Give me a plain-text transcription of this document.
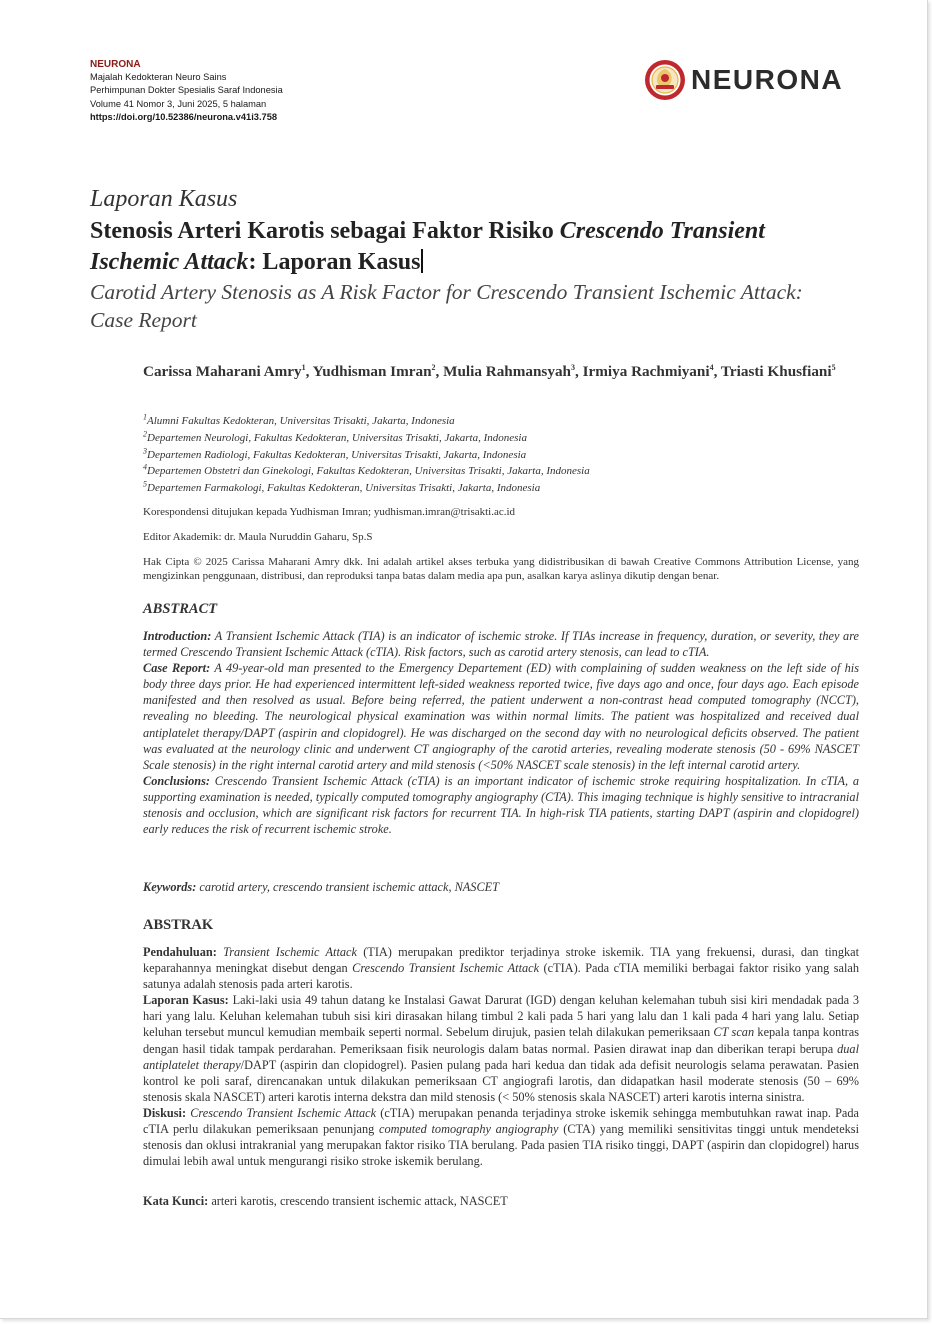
NEURONA
Majalah Kedokteran Neuro Sains
Perhimpunan Dokter Spesialis Saraf Indonesia
Volume 41 Nomor 3, Juni 2025, 5 halaman
https://doi.org/10.52386/neurona.v41i3.758
NEURONA
Laporan Kasus
Stenosis Arteri Karotis sebagai Faktor Risiko Crescendo Transient Ischemic Attack: Laporan Kasus
Carotid Artery Stenosis as A Risk Factor for Crescendo Transient Ischemic Attack: Case Report
Carissa Maharani Amry$^1$, Yudhisman Imran$^2$, Mulia Rahmansyah$^3$, Irmiya Rachmiyani$^4$, Triasti Khusfiani$^5$
$^1$Alumni Fakultas Kedokteran, Universitas Trisakti, Jakarta, Indonesia
$^2$Departemen Neurologi, Fakultas Kedokteran, Universitas Trisakti, Jakarta, Indonesia
$^3$Departemen Radiologi, Fakultas Kedokteran, Universitas Trisakti, Jakarta, Indonesia
$^4$Departemen Obstetri dan Ginekologi, Fakultas Kedokteran, Universitas Trisakti, Jakarta, Indonesia
$^5$Departemen Farmakologi, Fakultas Kedokteran, Universitas Trisakti, Jakarta, Indonesia
Korespondensi ditujukan kepada Yudhisman Imran; yudhisman.imran@trisakti.ac.id
Editor Akademik: dr. Maula Nuruddin Gaharu, Sp.S
Hak Cipta © 2025 Carissa Maharani Amry dkk. Ini adalah artikel akses terbuka yang didistribusikan di bawah Creative Commons Attribution License, yang mengizinkan penggunaan, distribusi, dan reproduksi tanpa batas dalam media apa pun, asalkan karya aslinya dikutip dengan benar.
ABSTRACT

Introduction: A Transient Ischemic Attack (TIA) is an indicator of ischemic stroke. If TIAs increase in frequency, duration, or severity, they are termed Crescendo Transient Ischemic Attack (cTIA). Risk factors, such as carotid artery stenosis, can lead to cTIA.

Case Report: A 49-year-old man presented to the Emergency Departement (ED) with complaining of sudden weakness on the left side of his body three days prior. He had experienced intermittent left-sided weakness reported twice, five days ago and once, four days ago. Each episode manifested and then resolved as usual. Before being referred, the patient underwent a non-contrast head computed tomography (NCCT), revealing no bleeding. The neurological physical examination was within normal limits. The patient was hospitalized and received dual antiplatelet therapy/DAPT (aspirin and clopidogrel). He was discharged on the second day with no neurological deficits observed. The patient was evaluated at the neurology clinic and underwent CT angiography of the carotid arteries, revealing moderate stenosis (50 - 69% NASCET Scale stenosis) in the right internal carotid artery and mild stenosis (<50% NASCET scale stenosis) in the left internal carotid artery.

Conclusions: Crescendo Transient Ischemic Attack (cTIA) is an important indicator of ischemic stroke requiring hospitalization. In cTIA, a supporting examination is needed, typically computed tomography angiography (CTA). This imaging technique is highly sensitive to intracranial stenosis and occlusion, which are significant risk factors for recurrent TIA. In high-risk TIA patients, starting DAPT (aspirin and clopidogrel) early reduces the risk of recurrent ischemic stroke.

Keywords: carotid artery, crescendo transient ischemic attack, NASCET
ABSTRAK

Pendahuluan: Transient Ischemic Attack (TIA) merupakan prediktor terjadinya stroke iskemik. TIA yang frekuensi, durasi, dan tingkat keparahannya meningkat disebut dengan Crescendo Transient Ischemic Attack (cTIA). Pada cTIA memiliki berbagai faktor risiko yang salah satunya adalah stenosis pada arteri karotis.

Laporan Kasus: Laki-laki usia 49 tahun datang ke Instalasi Gawat Darurat (IGD) dengan keluhan kelemahan tubuh sisi kiri mendadak pada 3 hari yang lalu. Keluhan kelemahan tubuh sisi kiri dirasakan hilang timbul 2 kali pada 5 hari yang lalu dan 1 kali pada 4 hari yang lalu. Setiap keluhan tersebut muncul kemudian membaik seperti normal. Sebelum dirujuk, pasien telah dilakukan pemeriksaan CT scan kepala tanpa kontras dengan hasil tidak tampak perdarahan. Pemeriksaan fisik neurologis dalam batas normal. Pasien dirawat inap dan diberikan terapi berupa dual antiplatelet therapy/DAPT (aspirin dan clopidogrel). Pasien pulang pada hari kedua dan tidak ada defisit neurologis selama perawatan. Pasien kontrol ke poli saraf, direncanakan untuk dilakukan pemeriksaan CT angiografi larotis, dan didapatkan hasil moderate stenosis (50 – 69% stenosis skala NASCET) arteri karotis interna dekstra dan mild stenosis (< 50% stenosis skala NASCET) arteri karotis interna sinistra.

Diskusi: Crescendo Transient Ischemic Attack (cTIA) merupakan penanda terjadinya stroke iskemik sehingga membutuhkan rawat inap. Pada cTIA perlu dilakukan pemeriksaan penunjang computed tomography angiography (CTA) yang memiliki sensitivitas tinggi untuk mendeteksi stenosis dan oklusi intrakranial yang merupakan faktor risiko TIA berulang. Pada pasien TIA risiko tinggi, DAPT (aspirin dan clopidogrel) harus dimulai lebih awal untuk mengurangi risiko stroke iskemik berulang.

Kata Kunci: arteri karotis, crescendo transient ischemic attack, NASCET
